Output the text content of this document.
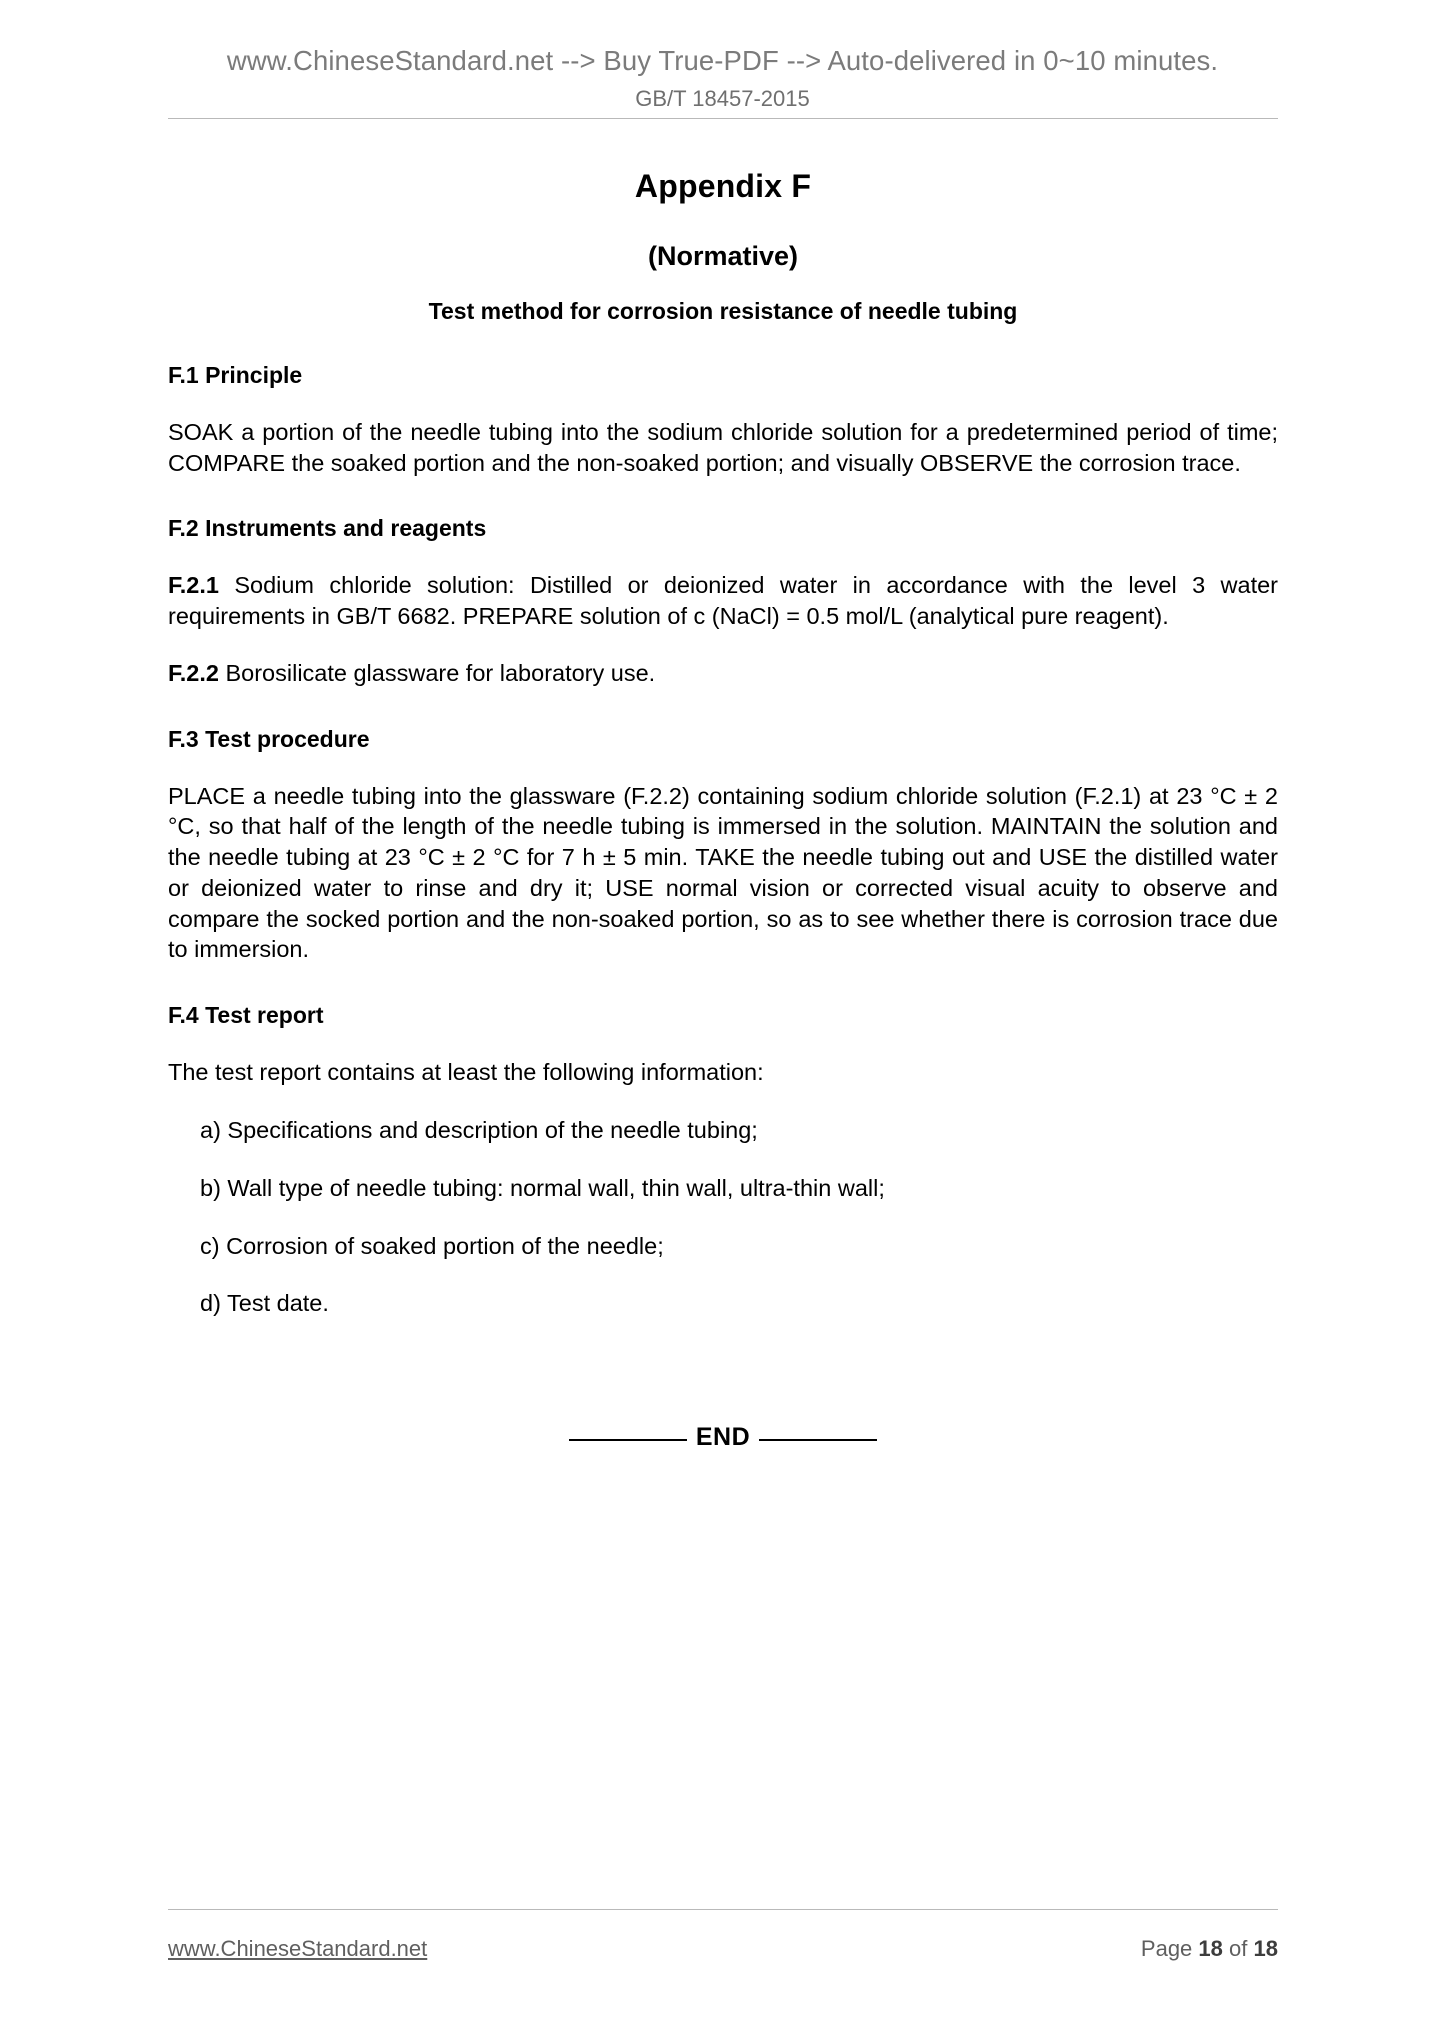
www.ChineseStandard.net --> Buy True-PDF --> Auto-delivered in 0~10 minutes.
GB/T 18457-2015
Appendix F
(Normative)
Test method for corrosion resistance of needle tubing
F.1 Principle

SOAK a portion of the needle tubing into the sodium chloride solution for a predetermined period of time; COMPARE the soaked portion and the non-soaked portion; and visually OBSERVE the corrosion trace.

F.2 Instruments and reagents

F.2.1 Sodium chloride solution: Distilled or deionized water in accordance with the level 3 water requirements in GB/T 6682. PREPARE solution of c (NaCl) = 0.5 mol/L (analytical pure reagent).

F.2.2 Borosilicate glassware for laboratory use.

F.3 Test procedure

PLACE a needle tubing into the glassware (F.2.2) containing sodium chloride solution (F.2.1) at 23 °C ± 2 °C, so that half of the length of the needle tubing is immersed in the solution. MAINTAIN the solution and the needle tubing at 23 °C ± 2 °C for 7 h ± 5 min. TAKE the needle tubing out and USE the distilled water or deionized water to rinse and dry it; USE normal vision or corrected visual acuity to observe and compare the socked portion and the non-soaked portion, so as to see whether there is corrosion trace due to immersion.

F.4 Test report

The test report contains at least the following information:

a) Specifications and description of the needle tubing;
b) Wall type of needle tubing: normal wall, thin wall, ultra-thin wall;
c) Corrosion of soaked portion of the needle;
d) Test date.
END
www.ChineseStandard.net	Page 18 of 18
